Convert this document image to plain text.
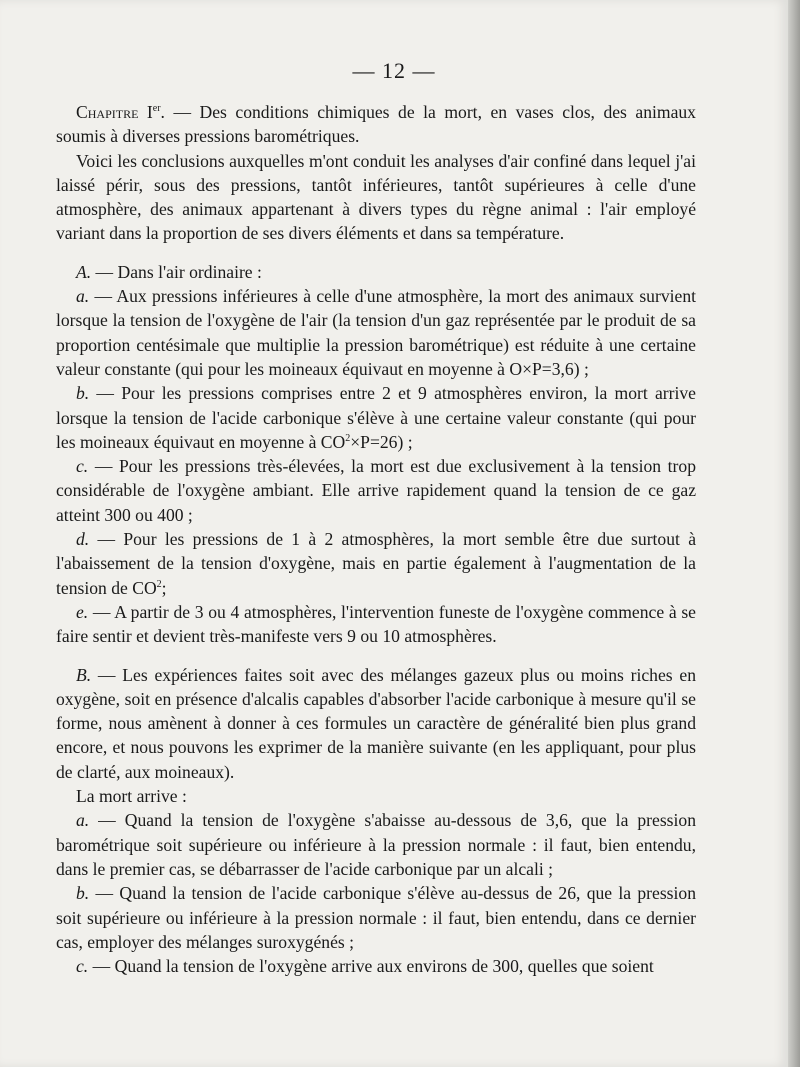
— 12 —

Chapitre Ier. — Des conditions chimiques de la mort, en vases clos, des animaux soumis à diverses pressions barométriques.

Voici les conclusions auxquelles m'ont conduit les analyses d'air confiné dans lequel j'ai laissé périr, sous des pressions, tantôt inférieures, tantôt supérieures à celle d'une atmosphère, des animaux appartenant à divers types du règne animal : l'air employé variant dans la proportion de ses divers éléments et dans sa température.

A. — Dans l'air ordinaire :

a. — Aux pressions inférieures à celle d'une atmosphère, la mort des animaux survient lorsque la tension de l'oxygène de l'air (la tension d'un gaz représentée par le produit de sa proportion centésimale que multiplie la pression barométrique) est réduite à une certaine valeur constante (qui pour les moineaux équivaut en moyenne à O×P=3,6) ;

b. — Pour les pressions comprises entre 2 et 9 atmosphères environ, la mort arrive lorsque la tension de l'acide carbonique s'élève à une certaine valeur constante (qui pour les moineaux équivaut en moyenne à $CO^2\times P=26$) ;

c. — Pour les pressions très-élevées, la mort est due exclusivement à la tension trop considérable de l'oxygène ambiant. Elle arrive rapidement quand la tension de ce gaz atteint 300 ou 400 ;

d. — Pour les pressions de 1 à 2 atmosphères, la mort semble être due surtout à l'abaissement de la tension d'oxygène, mais en partie également à l'augmentation de la tension de $CO^2$;

e. — A partir de 3 ou 4 atmosphères, l'intervention funeste de l'oxygène commence à se faire sentir et devient très-manifeste vers 9 ou 10 atmosphères.

B. — Les expériences faites soit avec des mélanges gazeux plus ou moins riches en oxygène, soit en présence d'alcalis capables d'absorber l'acide carbonique à mesure qu'il se forme, nous amènent à donner à ces formules un caractère de généralité bien plus grand encore, et nous pouvons les exprimer de la manière suivante (en les appliquant, pour plus de clarté, aux moineaux).

La mort arrive :

a. — Quand la tension de l'oxygène s'abaisse au-dessous de 3,6, que la pression barométrique soit supérieure ou inférieure à la pression normale : il faut, bien entendu, dans le premier cas, se débarrasser de l'acide carbonique par un alcali ;

b. — Quand la tension de l'acide carbonique s'élève au-dessus de 26, que la pression soit supérieure ou inférieure à la pression normale : il faut, bien entendu, dans ce dernier cas, employer des mélanges suroxygénés ;

c. — Quand la tension de l'oxygène arrive aux environs de 300, quelles que soient
